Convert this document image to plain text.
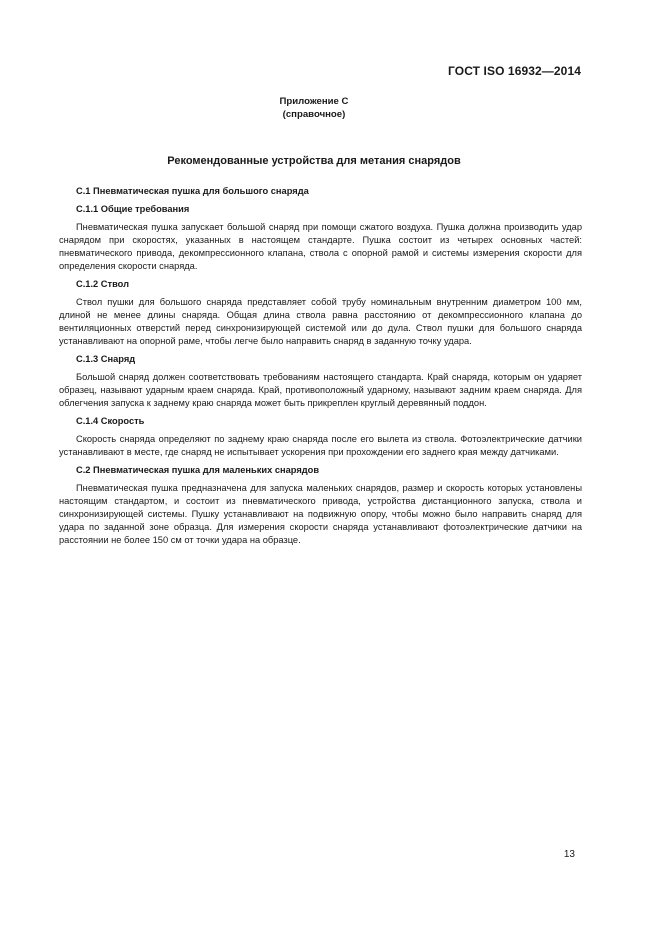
ГОСТ ISO 16932—2014
Приложение С
(справочное)
Рекомендованные устройства для метания снарядов
С.1 Пневматическая пушка для большого снаряда
С.1.1 Общие требования
Пневматическая пушка запускает большой снаряд при помощи сжатого воздуха. Пушка должна производить удар снарядом при скоростях, указанных в настоящем стандарте. Пушка состоит из четырех основных частей: пневматического привода, декомпрессионного клапана, ствола с опорной рамой и системы измерения скорости для определения скорости снаряда.
С.1.2 Ствол
Ствол пушки для большого снаряда представляет собой трубу номинальным внутренним диаметром 100 мм, длиной не менее длины снаряда. Общая длина ствола равна расстоянию от декомпрессионного клапана до вентиляционных отверстий перед синхронизирующей системой или до дула. Ствол пушки для большого снаряда устанавливают на опорной раме, чтобы легче было направить снаряд в заданную точку удара.
С.1.3 Снаряд
Большой снаряд должен соответствовать требованиям настоящего стандарта. Край снаряда, которым он ударяет образец, называют ударным краем снаряда. Край, противоположный ударному, называют задним краем снаряда. Для облегчения запуска к заднему краю снаряда может быть прикреплен круглый деревянный поддон.
С.1.4 Скорость
Скорость снаряда определяют по заднему краю снаряда после его вылета из ствола. Фотоэлектрические датчики устанавливают в месте, где снаряд не испытывает ускорения при прохождении его заднего края между датчиками.
С.2 Пневматическая пушка для маленьких снарядов
Пневматическая пушка предназначена для запуска маленьких снарядов, размер и скорость которых установлены настоящим стандартом, и состоит из пневматического привода, устройства дистанционного запуска, ствола и синхронизирующей системы. Пушку устанавливают на подвижную опору, чтобы можно было направить снаряд для удара по заданной зоне образца. Для измерения скорости снаряда устанавливают фотоэлектрические датчики на расстоянии не более 150 см от точки удара на образце.
13
